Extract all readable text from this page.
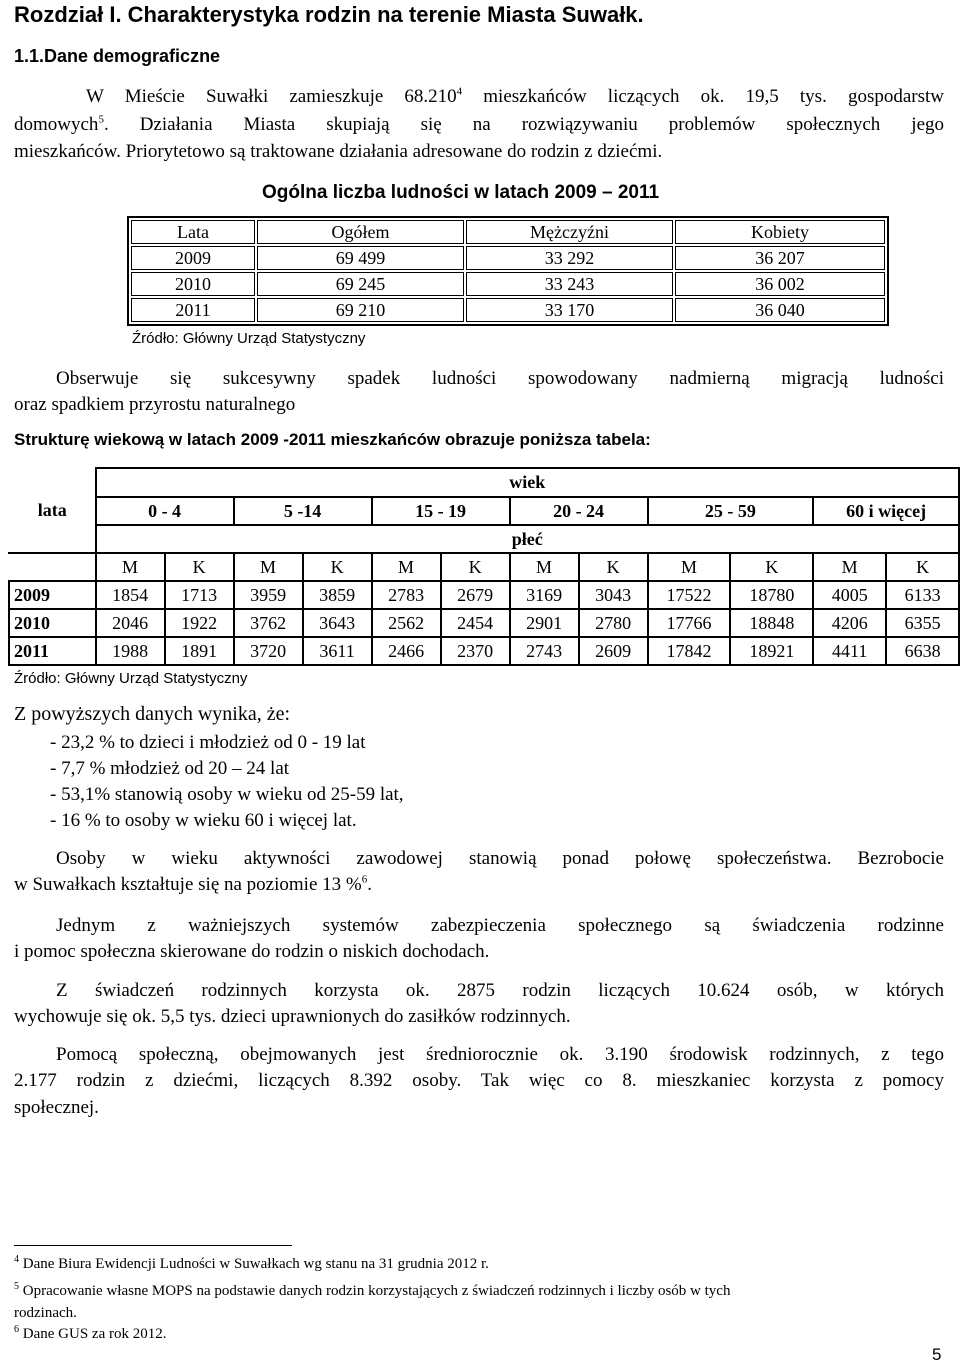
Rozdział I. Charakterystyka rodzin na terenie Miasta Suwałk.
1.1.Dane demograficzne
W Mieście Suwałki zamieszkuje 68.210$^4$ mieszkańców liczących ok. 19,5 tys. gospodarstw
domowych$^5$. Działania Miasta skupiają się na rozwiązywaniu problemów społecznych jego
mieszkańców. Priorytetowo są traktowane działania adresowane do rodzin z dziećmi.
Ogólna liczba ludności w latach 2009 – 2011
Lata	Ogółem	Mężczyźni	Kobiety
2009	69 499	33 292	36 207
2010	69 245	33 243	36 002
2011	69 210	33 170	36 040
Źródło: Główny Urząd Statystyczny
Obserwuje się sukcesywny spadek ludności spowodowany nadmierną migracją ludności
oraz spadkiem przyrostu naturalnego
Strukturę wiekową w latach 2009 -2011 mieszkańców obrazuje poniższa tabela:
lata	wiek											
	0 - 4		5 -14		15 - 19		20 - 24		25 - 59		60 i więcej	
	płeć											
	M	K	M	K	M	K	M	K	M	K	M	K
2009	1854	1713	3959	3859	2783	2679	3169	3043	17522	18780	4005	6133
2010	2046	1922	3762	3643	2562	2454	2901	2780	17766	18848	4206	6355
2011	1988	1891	3720	3611	2466	2370	2743	2609	17842	18921	4411	6638
Źródło: Główny Urząd Statystyczny
Z powyższych danych wynika, że:
- 23,2 % to dzieci i młodzież od 0 - 19 lat
- 7,7 % młodzież od 20 – 24 lat
- 53,1% stanowią osoby w wieku od 25-59 lat,
- 16 % to osoby w wieku 60 i więcej lat.
Osoby w wieku aktywności zawodowej stanowią ponad połowę społeczeństwa. Bezrobocie
w Suwałkach kształtuje się na poziomie 13 %$^6$.
Jednym z ważniejszych systemów zabezpieczenia społecznego są świadczenia rodzinne
i pomoc społeczna skierowane do rodzin o niskich dochodach.
Z świadczeń rodzinnych korzysta ok. 2875 rodzin liczących 10.624 osób, w których
wychowuje się ok. 5,5 tys. dzieci uprawnionych do zasiłków rodzinnych.
Pomocą społeczną, obejmowanych jest średniorocznie ok. 3.190 środowisk rodzinnych, z tego
2.177 rodzin z dziećmi, liczących 8.392 osoby. Tak więc co 8. mieszkaniec korzysta z pomocy
społecznej.
$^4$ Dane Biura Ewidencji Ludności w Suwałkach wg stanu na 31 grudnia 2012 r.
$^5$ Opracowanie własne MOPS na podstawie danych rodzin korzystających z świadczeń rodzinnych i liczby osób w tych
rodzinach.
$^6$ Dane GUS za rok 2012.
5
